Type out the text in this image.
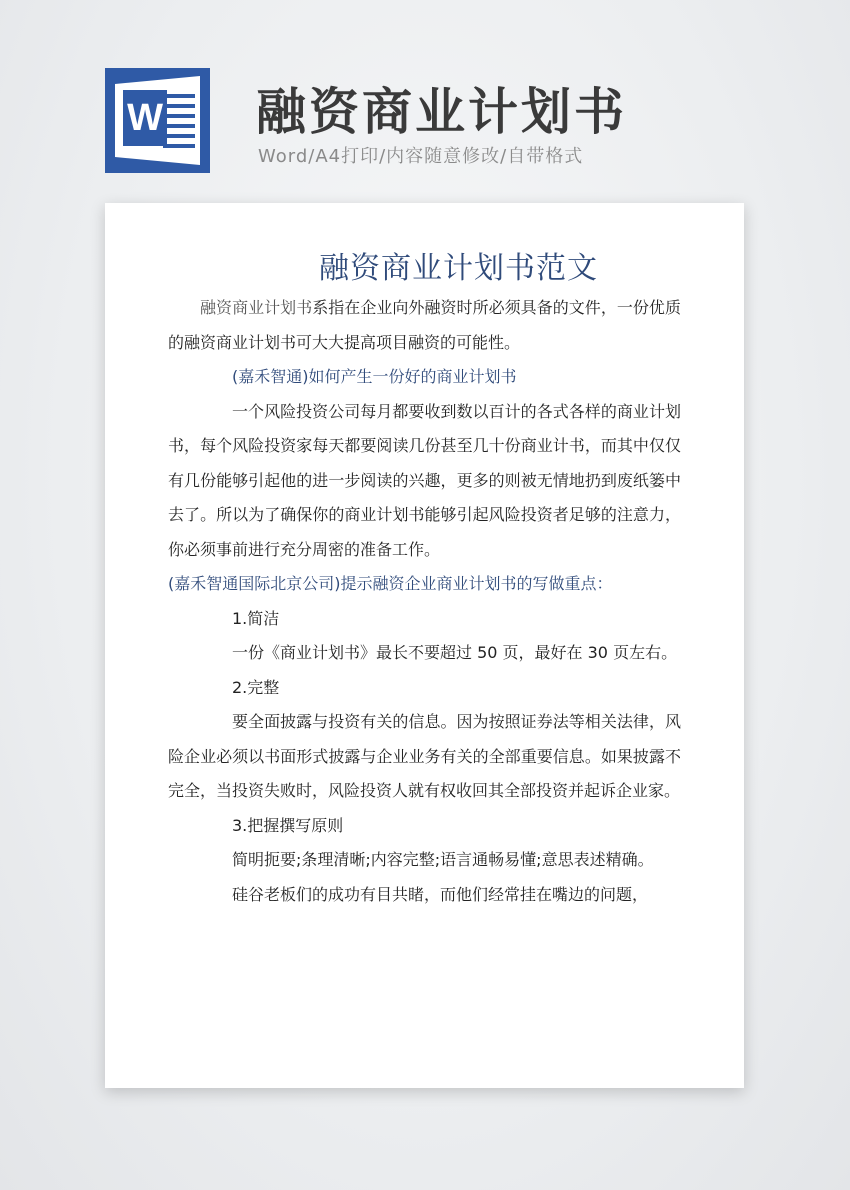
W 融资商业计划书
Word/A4打印/内容随意修改/自带格式
融资商业计划书范文

融资商业计划书系指在企业向外融资时所必须具备的文件，一份优质的融资商业计划书可大大提高项目融资的可能性。

(嘉禾智通)如何产生一份好的商业计划书

一个风险投资公司每月都要收到数以百计的各式各样的商业计划书，每个风险投资家每天都要阅读几份甚至几十份商业计书，而其中仅仅有几份能够引起他的进一步阅读的兴趣，更多的则被无情地扔到废纸篓中去了。所以为了确保你的商业计划书能够引起风险投资者足够的注意力，你必须事前进行充分周密的准备工作。

(嘉禾智通国际北京公司)提示融资企业商业计划书的写做重点：

1.简洁

一份《商业计划书》最长不要超过 50 页，最好在 30 页左右。

2.完整

要全面披露与投资有关的信息。因为按照证券法等相关法律，风险企业必须以书面形式披露与企业业务有关的全部重要信息。如果披露不完全，当投资失败时，风险投资人就有权收回其全部投资并起诉企业家。

3.把握撰写原则

简明扼要;条理清晰;内容完整;语言通畅易懂;意思表述精确。

硅谷老板们的成功有目共睹，而他们经常挂在嘴边的问题，
